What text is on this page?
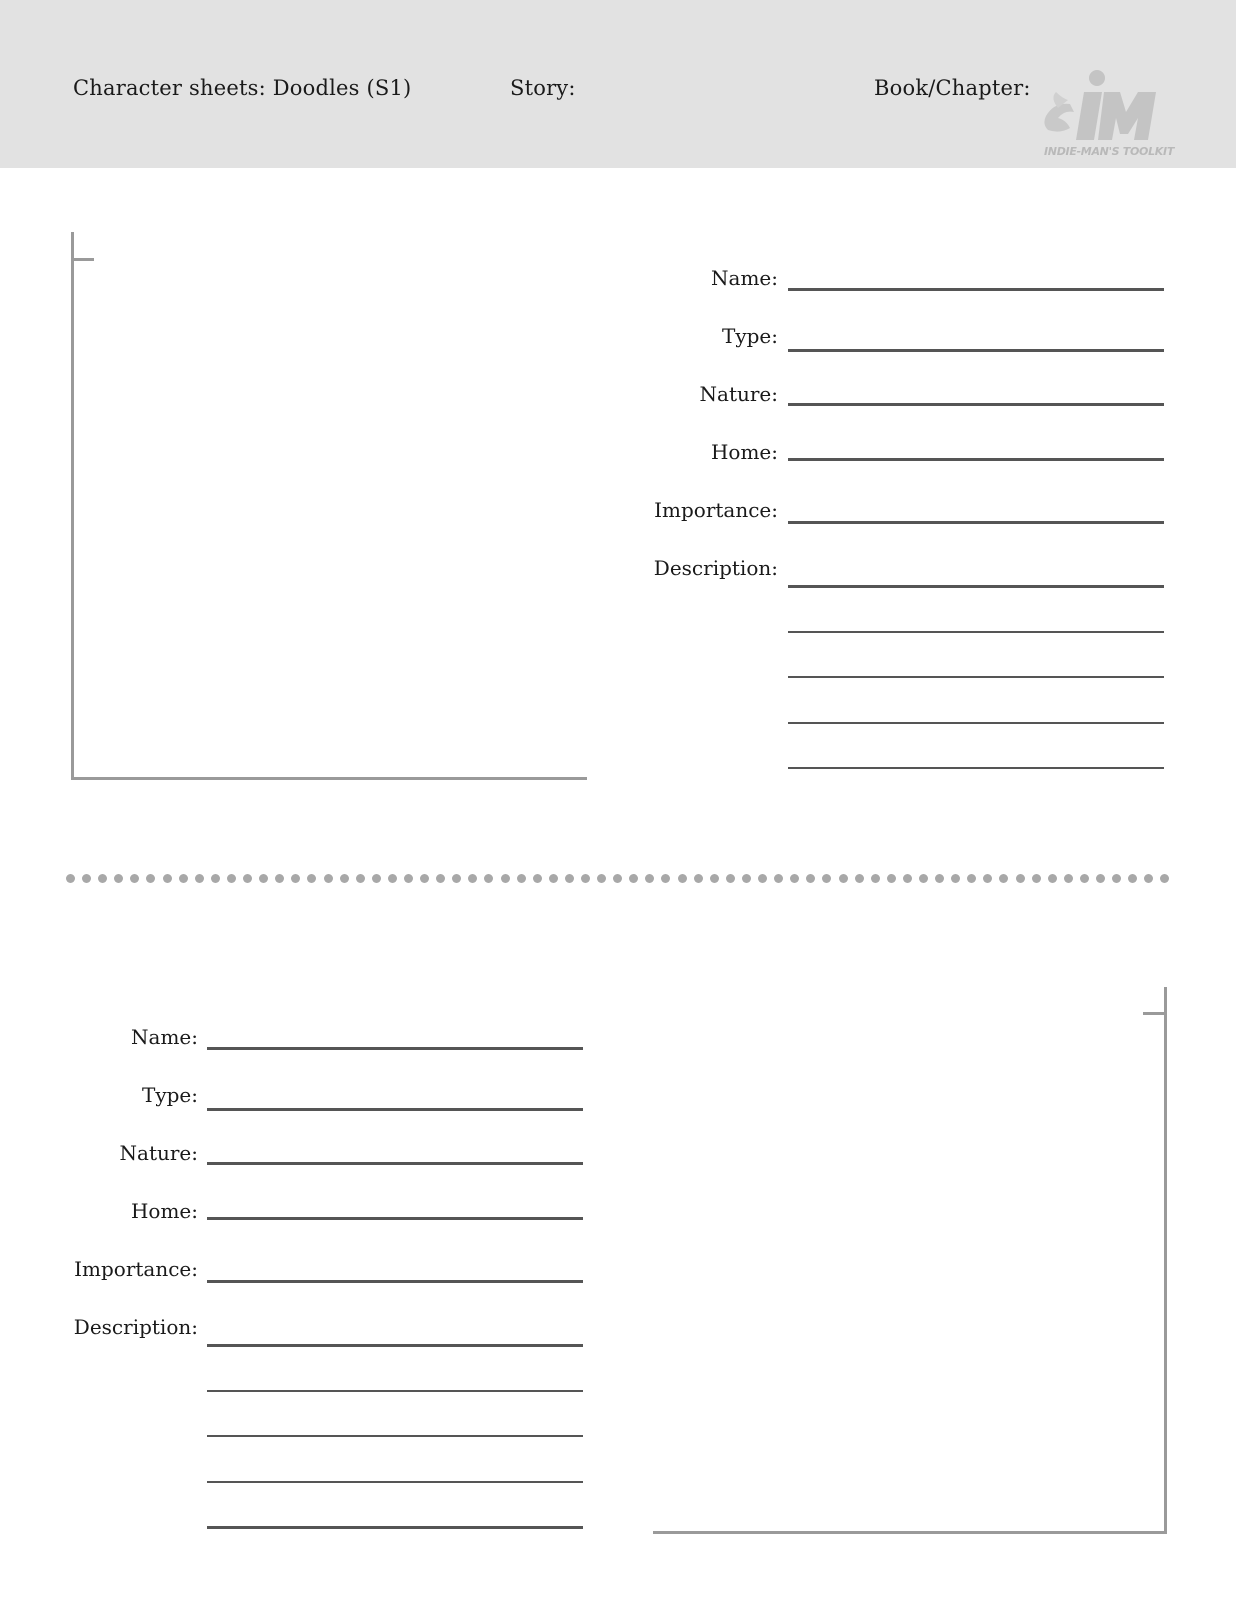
Character sheets: Doodles (S1)	Story:	Book/Chapter:
INDIE-MAN'S TOOLKIT
Name:
Type:
Nature:
Home:
Importance:
Description:
Name:
Type:
Nature:
Home:
Importance:
Description:
